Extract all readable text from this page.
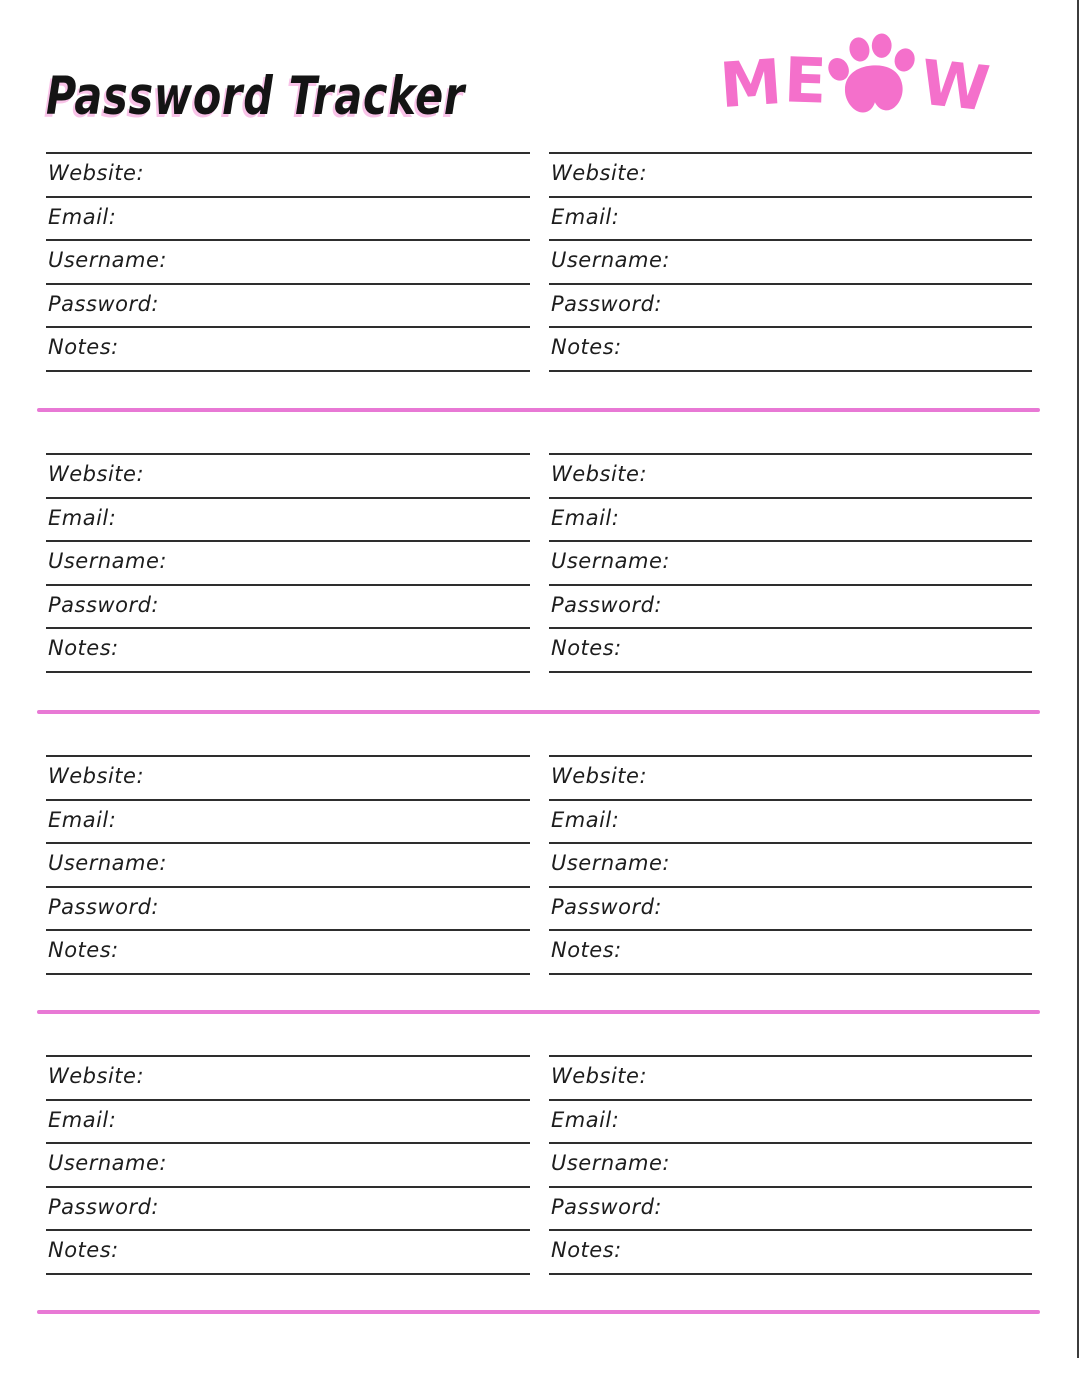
Password Tracker	M E W
Website:
Email:
Username:
Password:
Notes:
Website:
Email:
Username:
Password:
Notes:
Website:
Email:
Username:
Password:
Notes:
Website:
Email:
Username:
Password:
Notes:
Website:
Email:
Username:
Password:
Notes:
Website:
Email:
Username:
Password:
Notes:
Website:
Email:
Username:
Password:
Notes:
Website:
Email:
Username:
Password:
Notes:
